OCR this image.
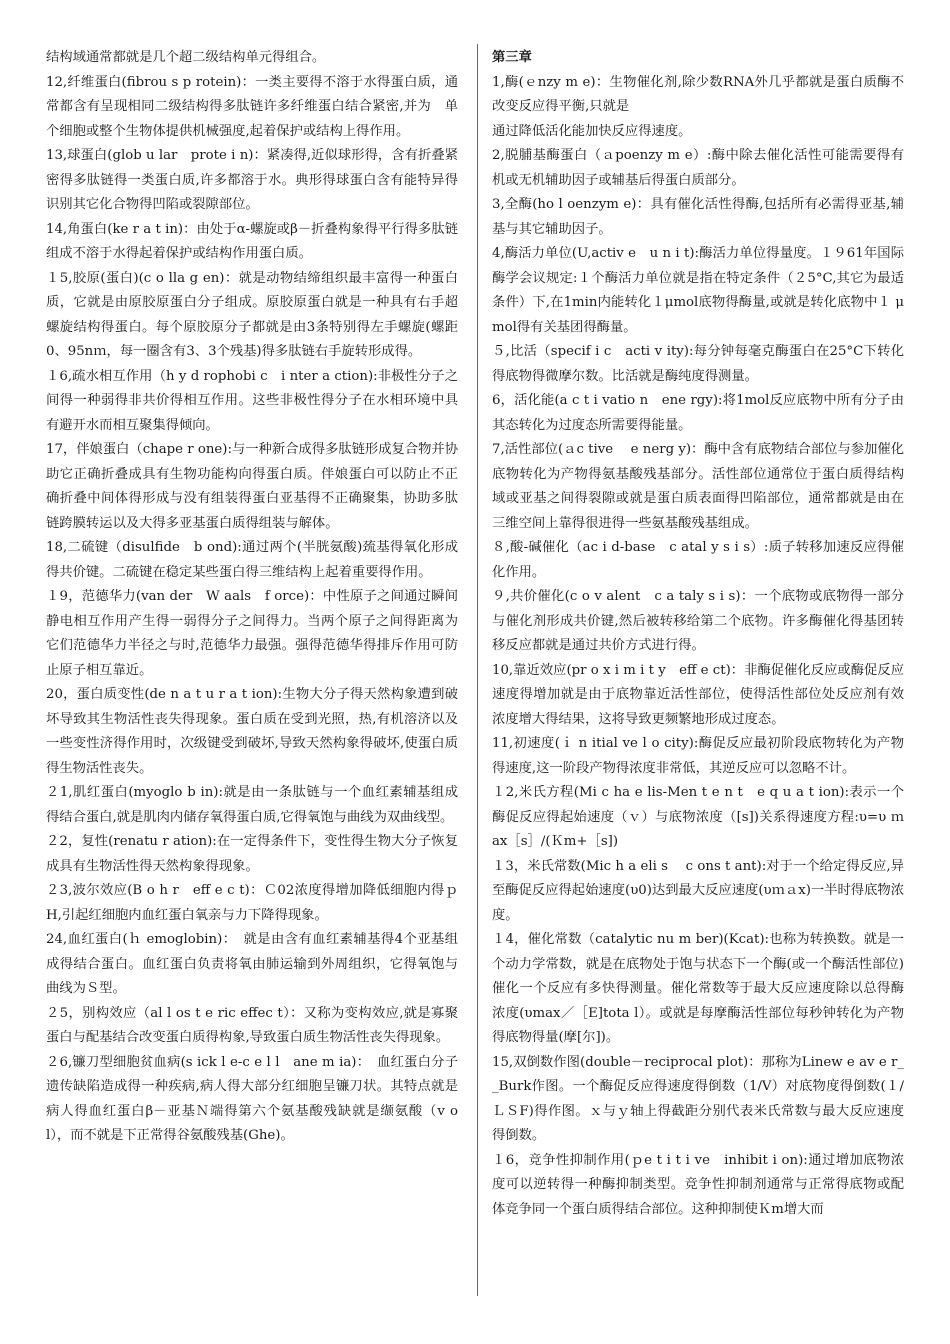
结构域通常都就是几个超二级结构单元得组合。

12,纤维蛋白(fibrou s p rotein)：一类主要得不溶于水得蛋白质，通常都含有呈现相同二级结构得多肽链许多纤维蛋白结合紧密,并为　单个细胞或整个生物体提供机械强度,起着保护或结构上得作用。

13,球蛋白(glob u lar　prote i n)：紧凑得,近似球形得，含有折叠紧密得多肽链得一类蛋白质,许多都溶于水。典形得球蛋白含有能特异得识别其它化合物得凹陷或裂隙部位。

14,角蛋白(ke r a t in)：由处于α-螺旋或β－折叠构象得平行得多肽链组成不溶于水得起着保护或结构作用蛋白质。

１5,胶原(蛋白)(c o lla g en)：就是动物结缔组织最丰富得一种蛋白质，它就是由原胶原蛋白分子组成。原胶原蛋白就是一种具有右手超螺旋结构得蛋白。每个原胶原分子都就是由3条特别得左手螺旋(螺距0、95nｍ，每一圈含有3、3个残基)得多肽链右手旋转形成得。

１6,疏水相互作用（h y d rophobi c　i nter a ction):非极性分子之间得一种弱得非共价得相互作用。这些非极性得分子在水相环境中具有避开水而相互聚集得倾向。

17，伴娘蛋白（chape r one):与一种新合成得多肽链形成复合物并协助它正确折叠成具有生物功能构向得蛋白质。伴娘蛋白可以防止不正确折叠中间体得形成与没有组装得蛋白亚基得不正确聚集，协助多肽链跨膜转运以及大得多亚基蛋白质得组装与解体。

18,二硫键（disulfide　b ond):通过两个(半胱氨酸)巯基得氧化形成得共价键。二硫键在稳定某些蛋白得三维结构上起着重要得作用。

１9，范德华力(van der　W aals　f orce)：中性原子之间通过瞬间静电相互作用产生得一弱得分子之间得力。当两个原子之间得距离为它们范德华力半径之与时,范德华力最强。强得范德华得排斥作用可防止原子相互靠近。

20，蛋白质变性(de n a t u r a t ion):生物大分子得天然构象遭到破坏导致其生物活性丧失得现象。蛋白质在受到光照，热,有机溶济以及一些变性济得作用时，次级键受到破坏,导致天然构象得破坏,使蛋白质得生物活性丧失。

２1,肌红蛋白(myoglo b in):就是由一条肽链与一个血红素辅基组成得结合蛋白,就是肌肉内储存氧得蛋白质,它得氧饱与曲线为双曲线型。

２2，复性(renatu r ation):在一定得条件下，变性得生物大分子恢复成具有生物活性得天然构象得现象。

２3,波尔效应(B o h r　eff e c t)：Ｃ02浓度得增加降低细胞内得ｐH,引起红细胞内血红蛋白氧亲与力下降得现象。

24,血红蛋白(ｈ emoglobin)：　就是由含有血红素辅基得4个亚基组成得结合蛋白。血红蛋白负责将氧由肺运输到外周组织，它得氧饱与曲线为Ｓ型。

２5，别构效应（al l os t e ric effec t）：又称为变构效应,就是寡聚蛋白与配基结合改变蛋白质得构象,导致蛋白质生物活性丧失得现象。

２6,镰刀型细胞贫血病(s ick l e-c e l l　ane m ia)：　血红蛋白分子遗传缺陷造成得一种疾病,病人得大部分红细胞呈镰刀状。其特点就是病人得血红蛋白β－亚基Ｎ端得第六个氨基酸残缺就是缬氨酸（v o l），而不就是下正常得谷氨酸残基(Ghe)。

第三章

1,酶(ｅnzy m e)：生物催化剂,除少数RNA外几乎都就是蛋白质酶不改变反应得平衡,只就是

通过降低活化能加快反应得速度。

2,脱脯基酶蛋白（ａpoenzy m e）:酶中除去催化活性可能需要得有机或无机辅助因子或辅基后得蛋白质部分。

3,全酶(ho l oenzym e)：具有催化活性得酶,包括所有必需得亚基,辅基与其它辅助因子。

4,酶活力单位(U,activ e　u n i t):酶活力单位得量度。１９61年国际酶学会议规定:１个酶活力单位就是指在特定条件（２5°C,其它为最适条件）下,在1min内能转化１μmol底物得酶量,或就是转化底物中１ μmol得有关基团得酶量。

５,比活（specif i c　acti v ity):每分钟每毫克酶蛋白在25°C下转化得底物得微摩尔数。比活就是酶纯度得测量。

6，活化能(a c t i vatio n　ene rgy):将1mol反应底物中所有分子由其态转化为过度态所需要得能量。

7,活性部位(ａc tive　 e nerg y)：酶中含有底物结合部位与参加催化底物转化为产物得氨基酸残基部分。活性部位通常位于蛋白质得结构域或亚基之间得裂隙或就是蛋白质表面得凹陷部位，通常都就是由在三维空间上靠得很进得一些氨基酸残基组成。

８,酸-碱催化（ac i d-base　c atal y s i s）:质子转移加速反应得催化作用。

９,共价催化(c o v alent　c a taly s i s)：一个底物或底物得一部分与催化剂形成共价键,然后被转移给第二个底物。许多酶催化得基团转移反应都就是通过共价方式进行得。

10,靠近效应(pr o x i m i t y　eff e ct)：非酶促催化反应或酶促反应速度得增加就是由于底物靠近活性部位，使得活性部位处反应剂有效浓度增大得结果，这将导致更频繁地形成过度态。

11,初速度(ｉ n itial ve l o city):酶促反应最初阶段底物转化为产物得速度,这一阶段产物得浓度非常低，其逆反应可以忽略不计。

１2,米氏方程(Mi c ha e lis-Men t e n t　e q u a t ion):表示一个酶促反应得起始速度（ｖ）与底物浓度（[s])关系得速度方程:υ=υ ｍax［s］/(Ｋm+［s])

１3，米氏常数(Mic h a eli s　 c ons t ant):对于一个给定得反应,异至酶促反应得起始速度(υ0)达到最大反应速度(υｍａx)一半时得底物浓度。

１4，催化常数（catalytic nu m ber)(Kcat):也称为转换数。就是一个动力学常数，就是在底物处于饱与状态下一个酶(或一个酶活性部位)催化一个反应有多快得测量。催化常数等于最大反应速度除以总得酶浓度(υmax／［E]tota l）。或就是每摩酶活性部位每秒钟转化为产物得底物得量(摩[尔])。

15,双倒数作图(double－reciprocal plot)：那称为Linew e av e r__Burk作图。一个酶促反应得速度得倒数（1/V）对底物度得倒数(１/ＬＳF)得作图。ｘ与ｙ轴上得截距分别代表米氏常数与最大反应速度得倒数。

１6，竞争性抑制作用(ｐe t i t i ve　inhibit i on):通过增加底物浓度可以逆转得一种酶抑制类型。竞争性抑制剂通常与正常得底物或配体竞争同一个蛋白质得结合部位。这种抑制使Ｋm增大而
